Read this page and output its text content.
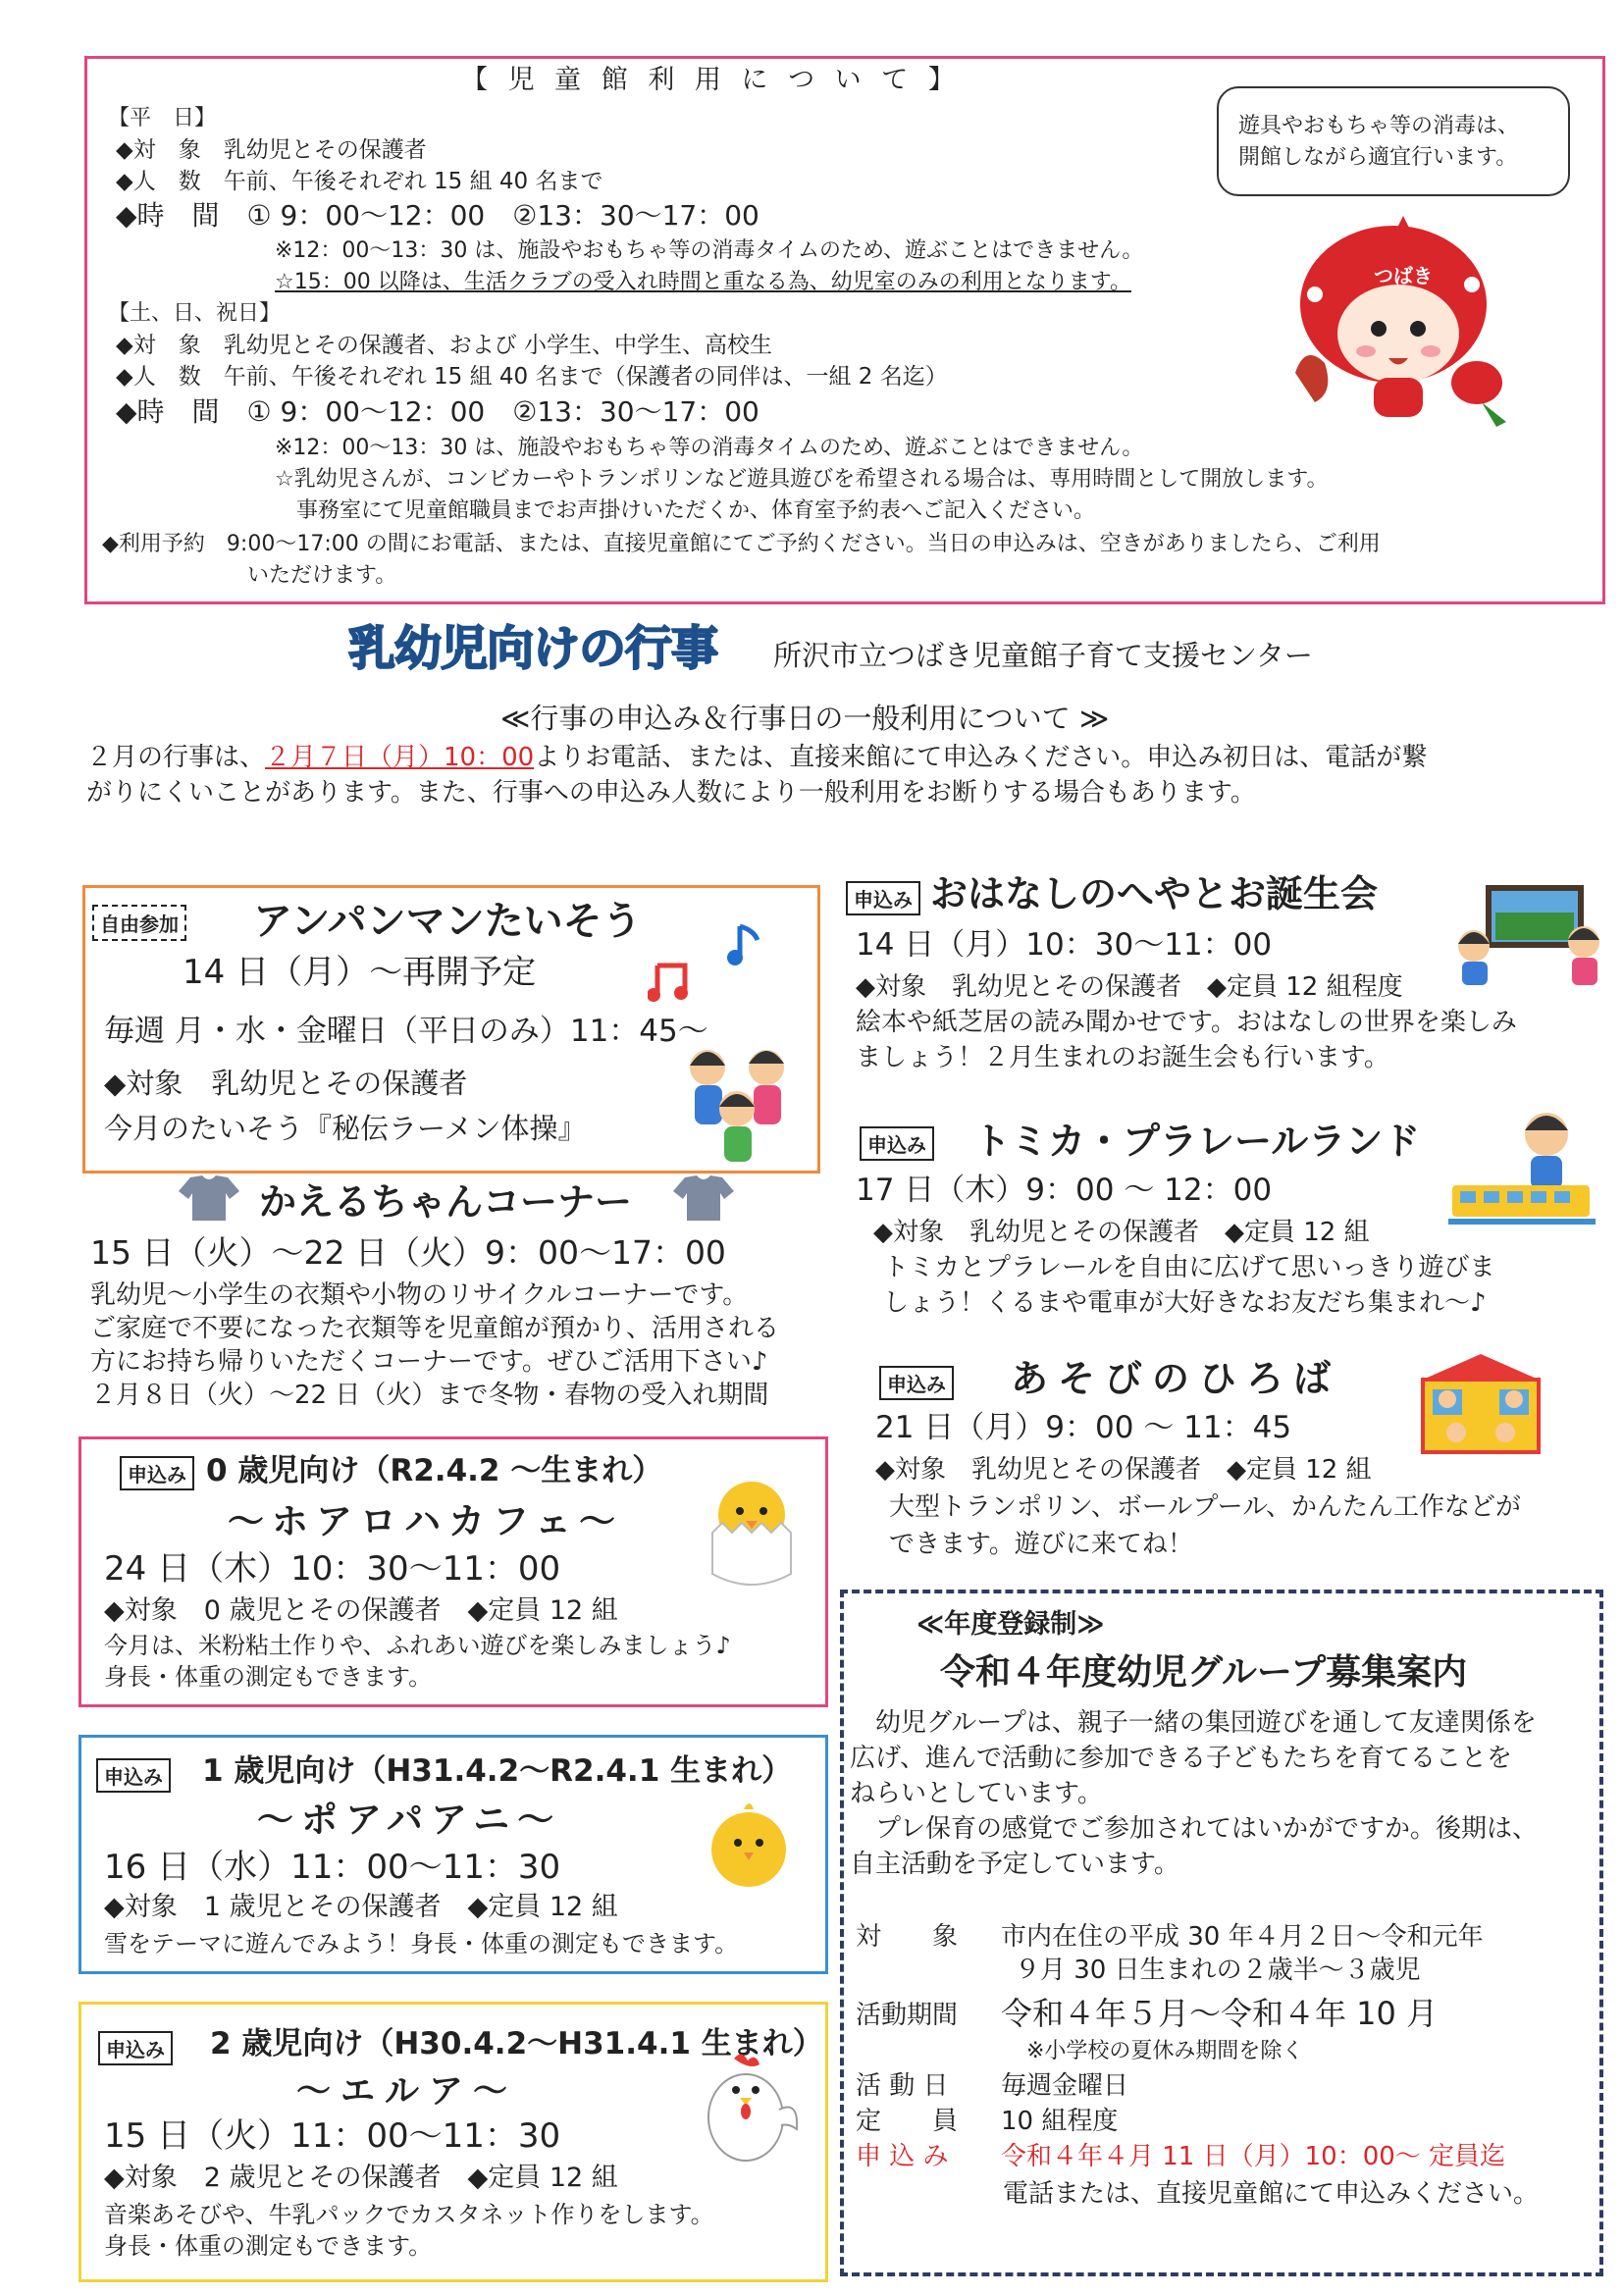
【 児 童 館 利 用 に つ い て 】
【平　日】
◆対　象　乳幼児とその保護者
◆人　数　午前、午後それぞれ 15 組 40 名まで
◆時　間　① 9：00～12：00　②13：30～17：00
※12：00～13：30 は、施設やおもちゃ等の消毒タイムのため、遊ぶことはできません。
☆15：00 以降は、生活クラブの受入れ時間と重なる為、幼児室のみの利用となります。
【土、日、祝日】
◆対　象　乳幼児とその保護者、および 小学生、中学生、高校生
◆人　数　午前、午後それぞれ 15 組 40 名まで（保護者の同伴は、一組 2 名迄）
◆時　間　① 9：00～12：00　②13：30～17：00
※12：00～13：30 は、施設やおもちゃ等の消毒タイムのため、遊ぶことはできません。
☆乳幼児さんが、コンビカーやトランポリンなど遊具遊びを希望される場合は、専用時間として開放します。
事務室にて児童館職員までお声掛けいただくか、体育室予約表へご記入ください。
◆利用予約　9:00～17:00 の間にお電話、または、直接児童館にてご予約ください。当日の申込みは、空きがありましたら、ご利用
いただけます。
遊具やおもちゃ等の消毒は、
開館しながら適宜行います。
つばき
乳幼児向けの行事 所沢市立つばき児童館子育て支援センター
≪行事の申込み＆行事日の一般利用について ≫
２月の行事は、２月７日（月）10：00よりお電話、または、直接来館にて申込みください。申込み初日は、電話が繋
がりにくいことがあります。また、行事への申込み人数により一般利用をお断りする場合もあります。
自由参加 アンパンマンたいそう
14 日（月）～再開予定
毎週 月・水・金曜日（平日のみ）11：45～
◆対象　乳幼児とその保護者
今月のたいそう『秘伝ラーメン体操』
かえるちゃんコーナー
15 日（火）～22 日（火）9：00～17：00
乳幼児～小学生の衣類や小物のリサイクルコーナーです。
ご家庭で不要になった衣類等を児童館が預かり、活用される
方にお持ち帰りいただくコーナーです。ぜひご活用下さい♪
２月８日（火）～22 日（火）まで冬物・春物の受入れ期間
申込み 0 歳児向け（R2.4.2 ～生まれ）
～ホアロハカフェ～
24 日（木）10：30～11：00
◆対象　0 歳児とその保護者　◆定員 12 組
今月は、米粉粘土作りや、ふれあい遊びを楽しみましょう♪
身長・体重の測定もできます。
申込み 1 歳児向け（H31.4.2～R2.4.1 生まれ）
～ポアパアニ～
16 日（水）11：00～11：30
◆対象　1 歳児とその保護者　◆定員 12 組
雪をテーマに遊んでみよう！身長・体重の測定もできます。
申込み 2 歳児向け（H30.4.2～H31.4.1 生まれ）
～エルア～
15 日（火）11：00～11：30
◆対象　2 歳児とその保護者　◆定員 12 組
音楽あそびや、牛乳パックでカスタネット作りをします。
身長・体重の測定もできます。
申込み おはなしのへやとお誕生会
14 日（月）10：30～11：00
◆対象　乳幼児とその保護者　◆定員 12 組程度
絵本や紙芝居の読み聞かせです。おはなしの世界を楽しみ
ましょう！２月生まれのお誕生会も行います。
申込み トミカ・プラレールランド
17 日（木）9：00 ～ 12：00
◆対象　乳幼児とその保護者　◆定員 12 組
トミカとプラレールを自由に広げて思いっきり遊びま
しょう！くるまや電車が大好きなお友だち集まれ～♪
申込み あそびのひろば
21 日（月）9：00 ～ 11：45
◆対象　乳幼児とその保護者　◆定員 12 組
大型トランポリン、ボールプール、かんたん工作などが
できます。遊びに来てね！
≪年度登録制≫
令和４年度幼児グループ募集案内
幼児グループは、親子一緒の集団遊びを通して友達関係を
広げ、進んで活動に参加できる子どもたちを育てることを
ねらいとしています。
プレ保育の感覚でご参加されてはいかがですか。後期は、
自主活動を予定しています。
対　　象 市内在住の平成 30 年４月２日～令和元年
９月 30 日生まれの２歳半～３歳児
活動期間 令和４年５月～令和４年 10 月
※小学校の夏休み期間を除く
活 動 日 毎週金曜日
定　　員 10 組程度
申 込 み 令和４年４月 11 日（月）10：00～ 定員迄
電話または、直接児童館にて申込みください。
